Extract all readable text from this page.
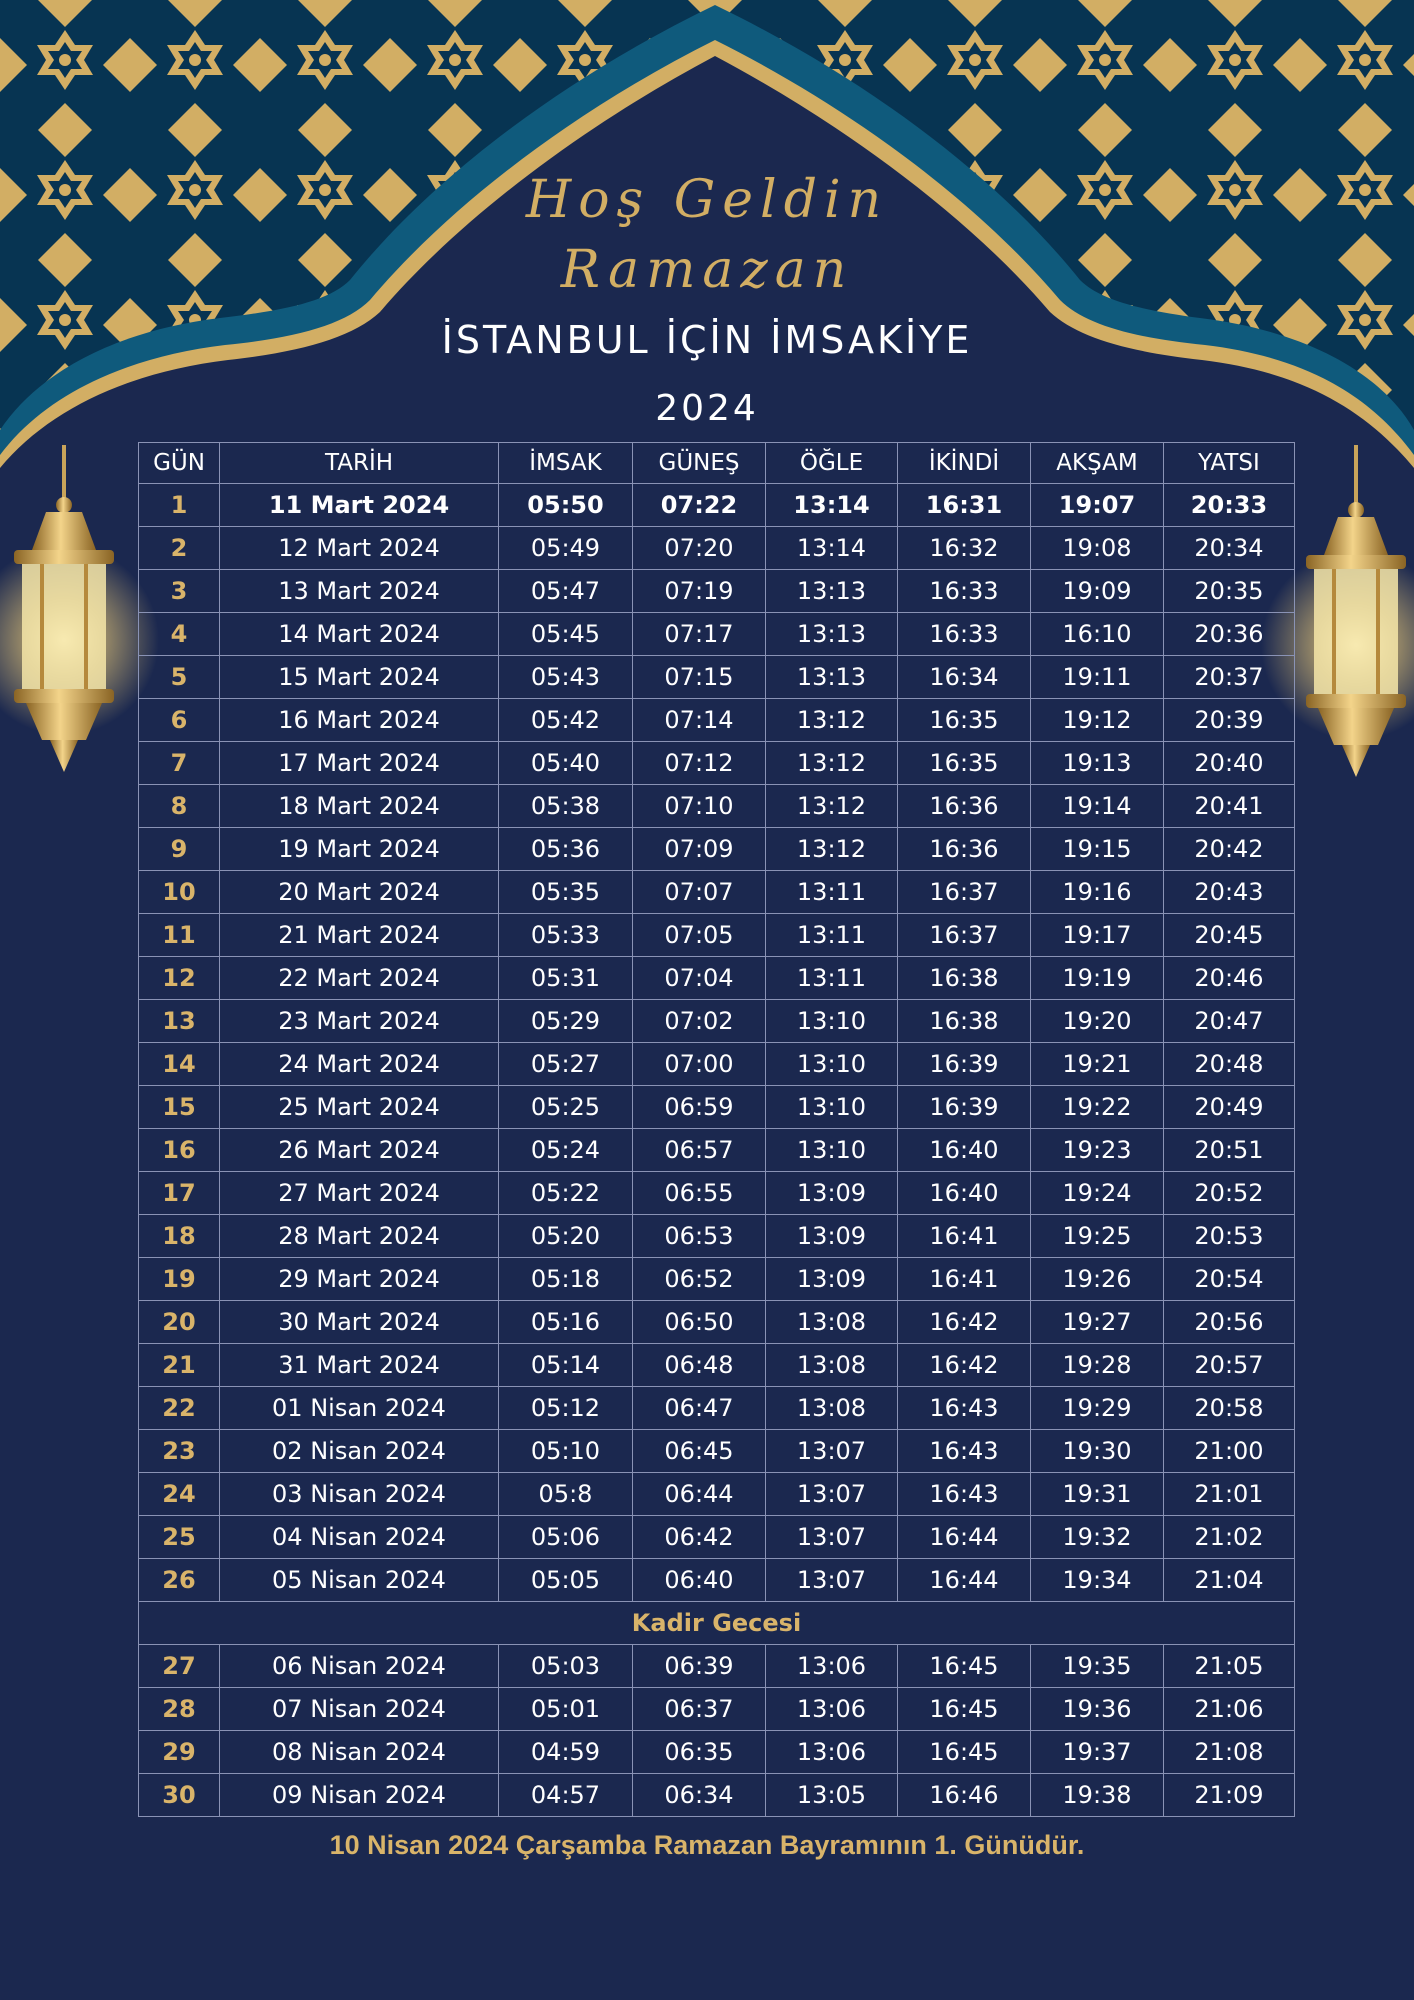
Hoş Geldin
Ramazan
İSTANBUL İÇİN İMSAKİYE
2024
GÜN	TARİH	İMSAK	GÜNEŞ	ÖĞLE	İKİNDİ	AKŞAM	YATSI
1	11 Mart 2024	05:50	07:22	13:14	16:31	19:07	20:33
2	12 Mart 2024	05:49	07:20	13:14	16:32	19:08	20:34
3	13 Mart 2024	05:47	07:19	13:13	16:33	19:09	20:35
4	14 Mart 2024	05:45	07:17	13:13	16:33	16:10	20:36
5	15 Mart 2024	05:43	07:15	13:13	16:34	19:11	20:37
6	16 Mart 2024	05:42	07:14	13:12	16:35	19:12	20:39
7	17 Mart 2024	05:40	07:12	13:12	16:35	19:13	20:40
8	18 Mart 2024	05:38	07:10	13:12	16:36	19:14	20:41
9	19 Mart 2024	05:36	07:09	13:12	16:36	19:15	20:42
10	20 Mart 2024	05:35	07:07	13:11	16:37	19:16	20:43
11	21 Mart 2024	05:33	07:05	13:11	16:37	19:17	20:45
12	22 Mart 2024	05:31	07:04	13:11	16:38	19:19	20:46
13	23 Mart 2024	05:29	07:02	13:10	16:38	19:20	20:47
14	24 Mart 2024	05:27	07:00	13:10	16:39	19:21	20:48
15	25 Mart 2024	05:25	06:59	13:10	16:39	19:22	20:49
16	26 Mart 2024	05:24	06:57	13:10	16:40	19:23	20:51
17	27 Mart 2024	05:22	06:55	13:09	16:40	19:24	20:52
18	28 Mart 2024	05:20	06:53	13:09	16:41	19:25	20:53
19	29 Mart 2024	05:18	06:52	13:09	16:41	19:26	20:54
20	30 Mart 2024	05:16	06:50	13:08	16:42	19:27	20:56
21	31 Mart 2024	05:14	06:48	13:08	16:42	19:28	20:57
22	01 Nisan 2024	05:12	06:47	13:08	16:43	19:29	20:58
23	02 Nisan 2024	05:10	06:45	13:07	16:43	19:30	21:00
24	03 Nisan 2024	05:8	06:44	13:07	16:43	19:31	21:01
25	04 Nisan 2024	05:06	06:42	13:07	16:44	19:32	21:02
26	05 Nisan 2024	05:05	06:40	13:07	16:44	19:34	21:04
Kadir Gecesi							
27	06 Nisan 2024	05:03	06:39	13:06	16:45	19:35	21:05
28	07 Nisan 2024	05:01	06:37	13:06	16:45	19:36	21:06
29	08 Nisan 2024	04:59	06:35	13:06	16:45	19:37	21:08
30	09 Nisan 2024	04:57	06:34	13:05	16:46	19:38	21:09
10 Nisan 2024 Çarşamba Ramazan Bayramının 1. Günüdür.
